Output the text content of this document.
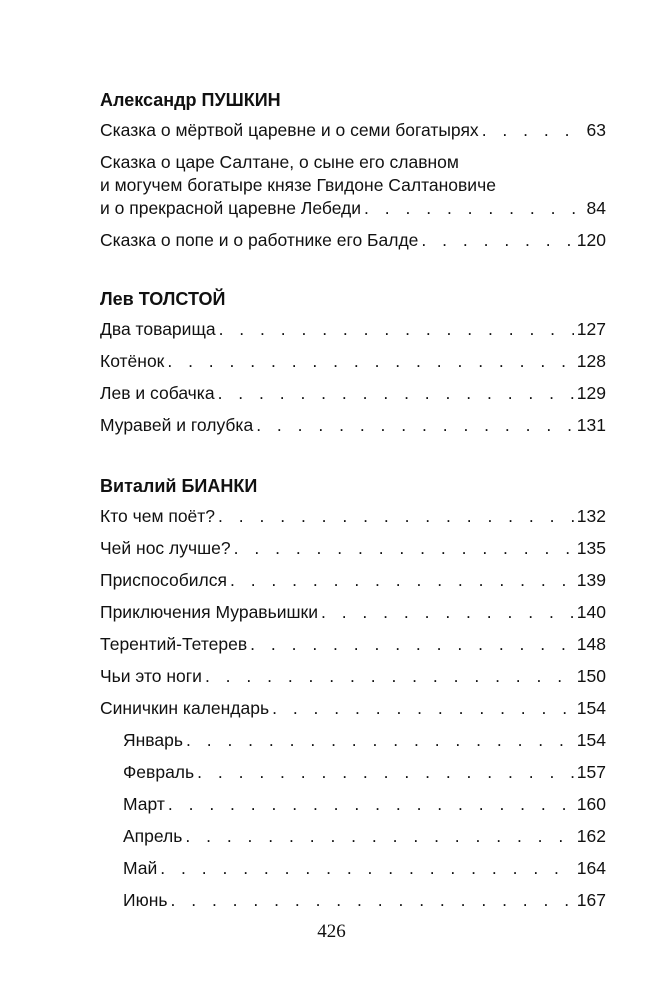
Александр ПУШКИН
Сказка о мёртвой царевне и о семи богатырях . . .	63
Сказка о царе Салтане, о сыне его славном
и могучем богатыре князе Гвидоне Салтановиче
и о прекрасной царевне Лебеди . . .	84
Сказка о попе и о работнике его Балде . . .	120
Лев ТОЛСТОЙ
Два товарища . . .	127
Котёнок . . .	128
Лев и собачка . . .	129
Муравей и голубка . . .	131
Виталий БИАНКИ
Кто чем поёт? . . .	132
Чей нос лучше? . . .	135
Приспособился . . .	139
Приключения Муравьишки . . .	140
Терентий-Тетерев . . .	148
Чьи это ноги . . .	150
Синичкин календарь . . .	154
Январь . . .	154
Февраль . . .	157
Март . . .	160
Апрель . . .	162
Май . . .	164
Июнь . . .	167
426
